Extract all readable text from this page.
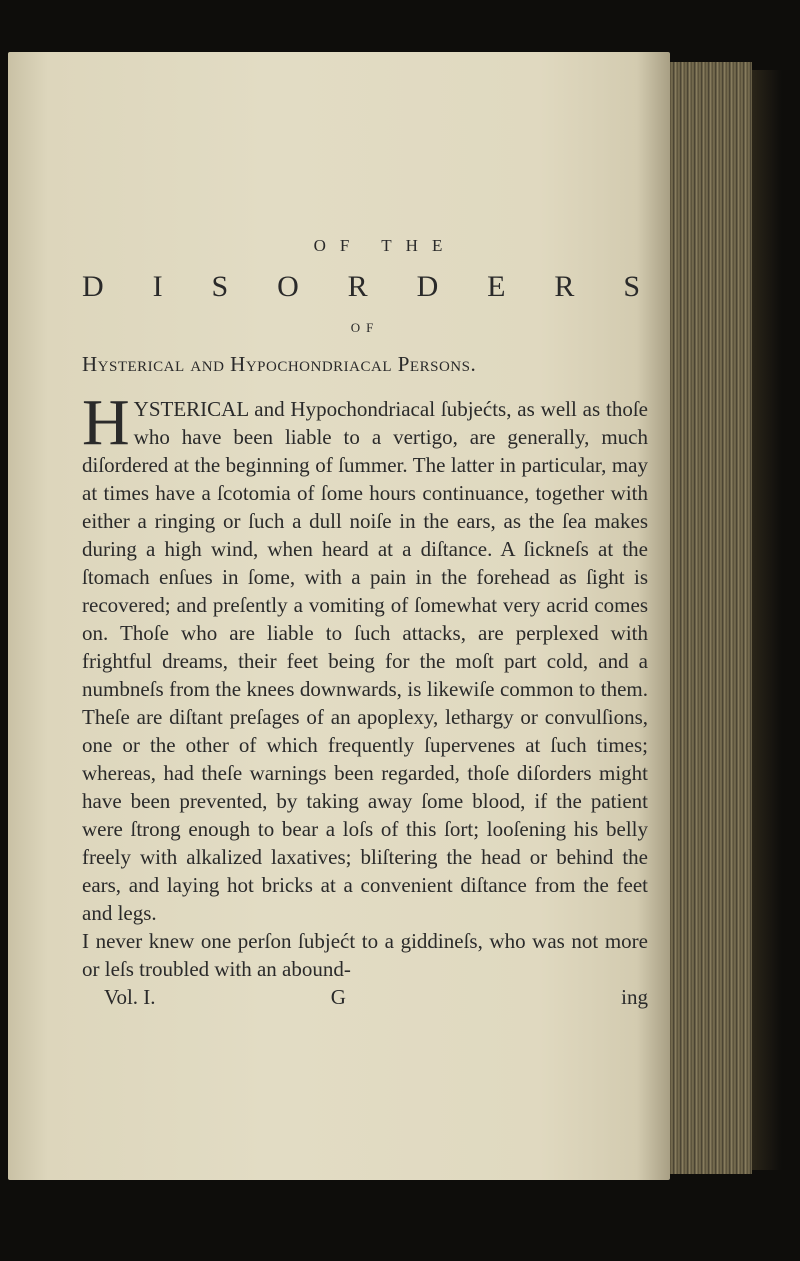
OF THE
D I S O R D E R S
OF
Hysterical and Hypochondriacal Persons.
H YSTERICAL and Hypochondriacal ſubjećts, as well as thoſe who have been liable to a vertigo, are generally, much diſordered at the beginning of ſummer. The latter in particular, may at times have a ſcotomia of ſome hours continuance, together with either a ringing or ſuch a dull noiſe in the ears, as the ſea makes during a high wind, when heard at a diſtance. A ſickneſs at the ſtomach enſues in ſome, with a pain in the forehead as ſight is recovered; and preſently a vomiting of ſomewhat very acrid comes on. Thoſe who are liable to ſuch attacks, are perplexed with frightful dreams, their feet being for the moſt part cold, and a numbneſs from the knees downwards, is likewiſe common to them. Theſe are diſtant preſages of an apoplexy, lethargy or convulſions, one or the other of which frequently ſupervenes at ſuch times; whereas, had theſe warnings been regarded, thoſe diſorders might have been prevented, by taking away ſome blood, if the patient were ſtrong enough to bear a loſs of this ſort; looſening his belly freely with alkalized laxatives; bliſtering the head or behind the ears, and laying hot bricks at a convenient diſtance from the feet and legs.

I never knew one perſon ſubjećt to a giddineſs, who was not more or leſs troubled with an abound-

Vol. I.	G	ing
